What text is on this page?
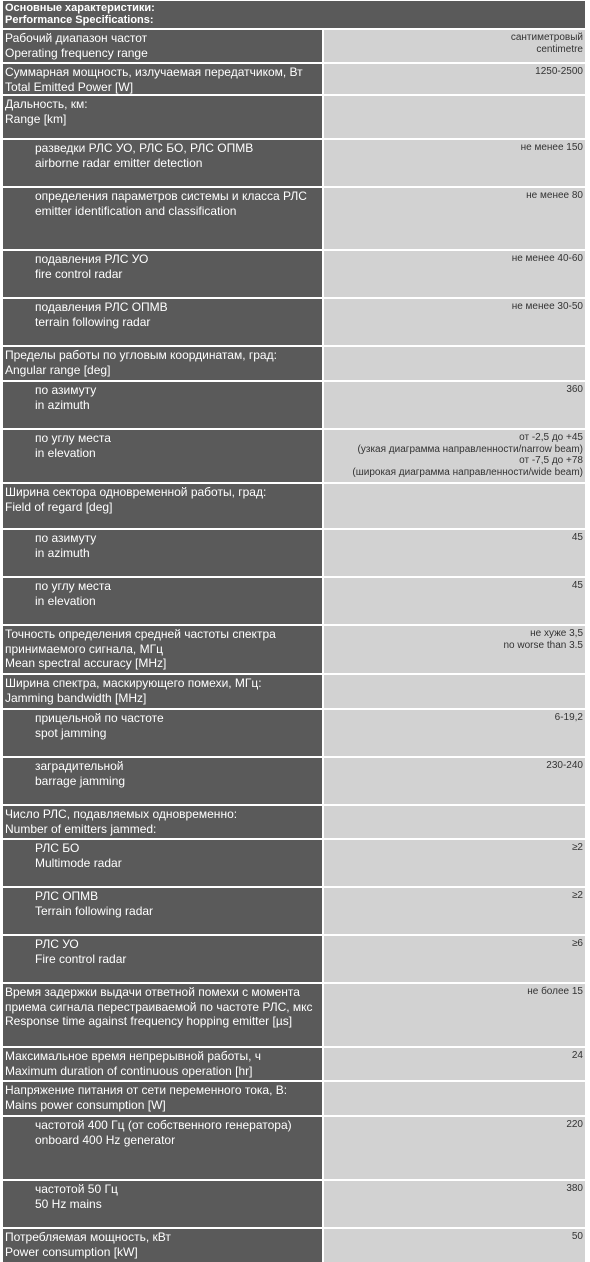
Основные характеристики:
Performance Specifications:
Рабочий диапазон частот
Operating frequency range
сантиметровый
centimetre
Суммарная мощность, излучаемая передатчиком, Вт
Total Emitted Power [W]
1250-2500
Дальность, км:
Range [km]
разведки РЛС УО, РЛС БО, РЛС ОПМВ
airborne radar emitter detection
не менее 150
определения параметров системы и класса РЛС
emitter identification and classification
не менее 80
подавления РЛС УО
fire control radar
не менее 40-60
подавления РЛС ОПМВ
terrain following radar
не менее 30-50
Пределы работы по угловым координатам, град:
Angular range [deg]
по азимуту
in azimuth
360
по углу места
in elevation
от -2,5 до +45
(узкая диаграмма направленности/narrow beam)
от -7,5 до +78
(широкая диаграмма направленности/wide beam)
Ширина сектора одновременной работы, град:
Field of regard [deg]
по азимуту
in azimuth
45
по углу места
in elevation
45
Точность определения средней частоты спектра принимаемого сигнала, МГц
Mean spectral accuracy [MHz]
не хуже 3,5
no worse than 3.5
Ширина спектра, маскирующего помехи, МГц:
Jamming bandwidth [MHz]
прицельной по частоте
spot jamming
6-19,2
заградительной
barrage jamming
230-240
Число РЛС, подавляемых одновременно:
Number of emitters jammed:
РЛС БО
Multimode radar
≥2
РЛС ОПМВ
Terrain following radar
≥2
РЛС УО
Fire control radar
≥6
Время задержки выдачи ответной помехи с момента приема сигнала перестраиваемой по частоте РЛС, мкс
Response time against frequency hopping emitter [µs]
не более 15
Максимальное время непрерывной работы, ч
Maximum duration of continuous operation [hr]
24
Напряжение питания от сети переменного тока, В:
Mains power consumption [W]
частотой 400 Гц (от собственного генератора)
onboard 400 Hz generator
220
частотой 50 Гц
50 Hz mains
380
Потребляемая мощность, кВт
Power consumption [kW]
50
